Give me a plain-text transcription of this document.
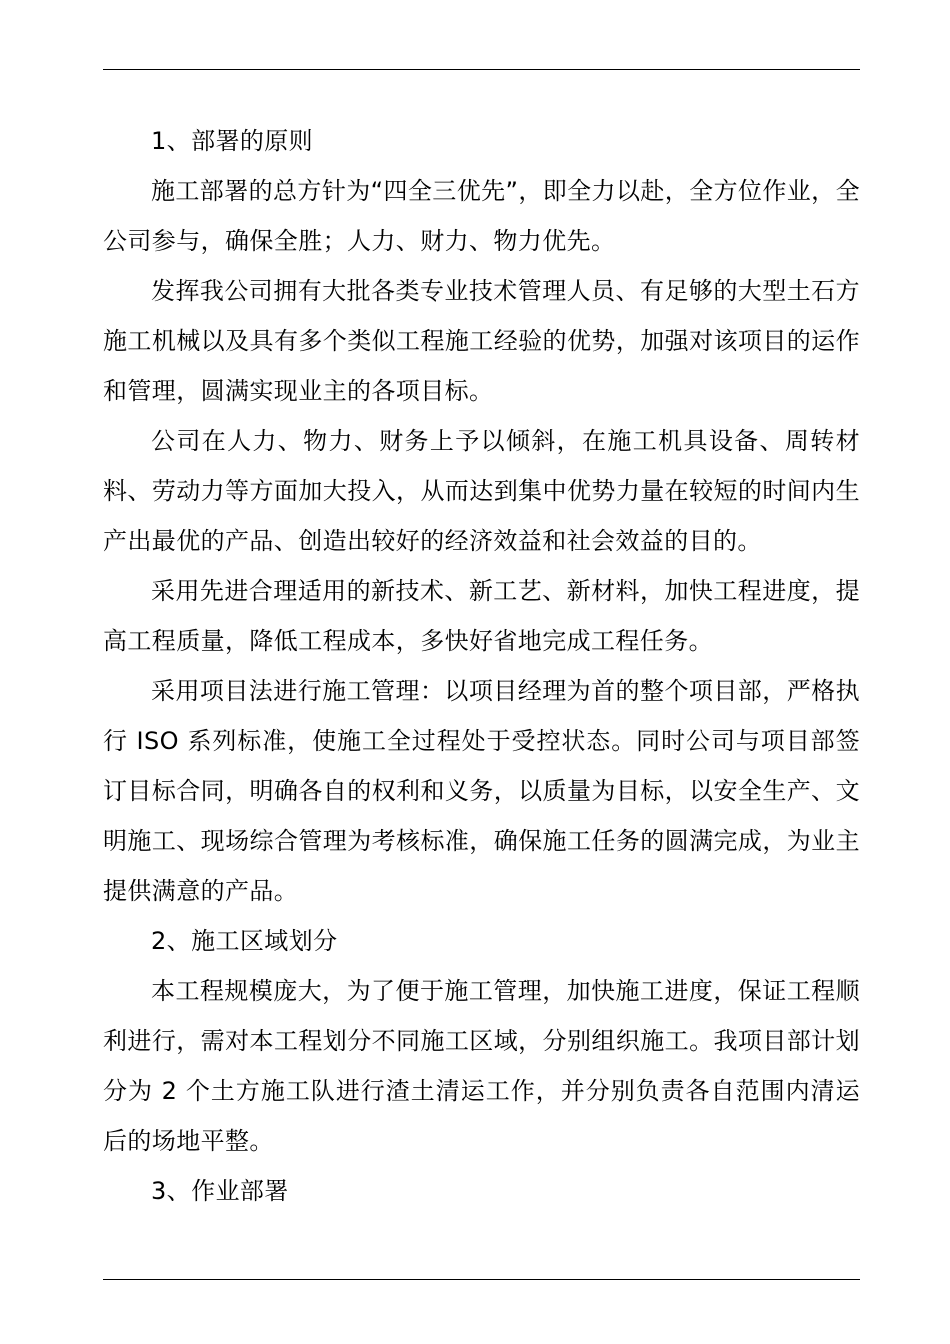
1、部署的原则

施工部署的总方针为“四全三优先”，即全力以赴，全方位作业，全公司参与，确保全胜；人力、财力、物力优先。

发挥我公司拥有大批各类专业技术管理人员、有足够的大型土石方施工机械以及具有多个类似工程施工经验的优势，加强对该项目的运作和管理，圆满实现业主的各项目标。

公司在人力、物力、财务上予以倾斜，在施工机具设备、周转材料、劳动力等方面加大投入，从而达到集中优势力量在较短的时间内生产出最优的产品、创造出较好的经济效益和社会效益的目的。

采用先进合理适用的新技术、新工艺、新材料，加快工程进度，提高工程质量，降低工程成本，多快好省地完成工程任务。

采用项目法进行施工管理：以项目经理为首的整个项目部，严格执行 ISO 系列标准，使施工全过程处于受控状态。同时公司与项目部签订目标合同，明确各自的权利和义务，以质量为目标，以安全生产、文明施工、现场综合管理为考核标准，确保施工任务的圆满完成，为业主提供满意的产品。

2、施工区域划分

本工程规模庞大，为了便于施工管理，加快施工进度，保证工程顺利进行，需对本工程划分不同施工区域，分别组织施工。我项目部计划分为 2 个土方施工队进行渣土清运工作，并分别负责各自范围内清运后的场地平整。

3、作业部署
